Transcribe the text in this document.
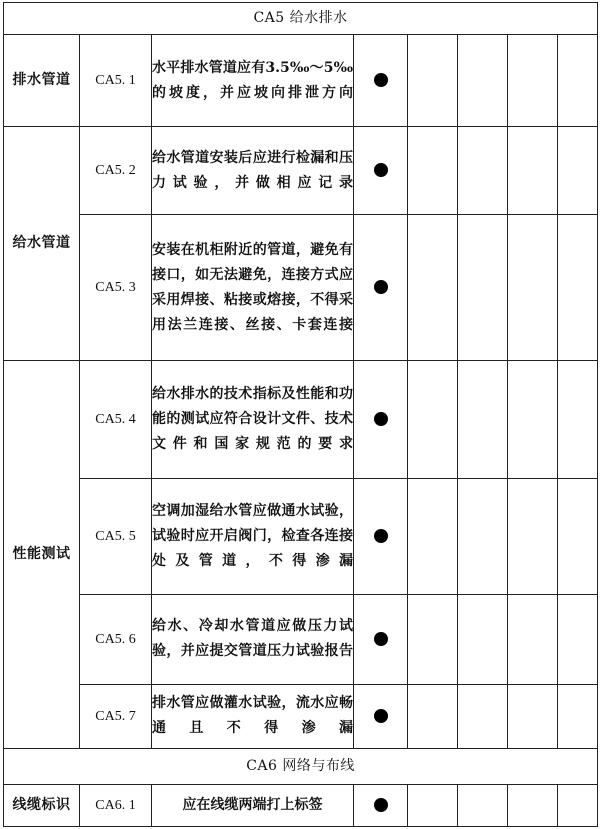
CA5 给水排水							
排水管道	CA5. 1	水平排水管道应有3.5‰～5‰的坡度，并应坡向排泄方向					
给水管道	CA5. 2	给水管道安装后应进行检漏和压力试验，并做相应记录					
	CA5. 3	安装在机柜附近的管道，避免有接口，如无法避免，连接方式应采用焊接、粘接或熔接，不得采用法兰连接、丝接、卡套连接					
性能测试	CA5. 4	给水排水的技术指标及性能和功能的测试应符合设计文件、技术文件和国家规范的要求					
	CA5. 5	空调加湿给水管应做通水试验，试验时应开启阀门，检查各连接处及管道，不得渗漏					
	CA5. 6	给水、冷却水管道应做压力试验，并应提交管道压力试验报告					
	CA5. 7	排水管应做灌水试验，流水应畅通且不得渗漏					
CA6 网络与布线							
线缆标识	CA6. 1	应在线缆两端打上标签					
